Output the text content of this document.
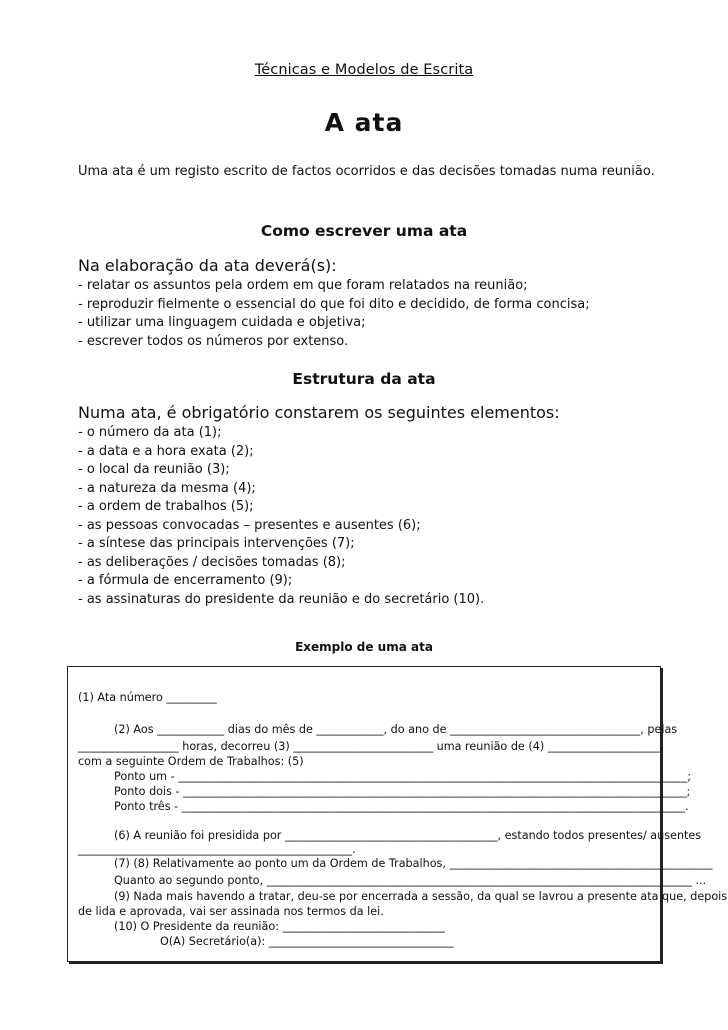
Técnicas e Modelos de Escrita
A ata
Uma ata é um registo escrito de factos ocorridos e das decisões tomadas numa reunião.
Como escrever uma ata
Na elaboração da ata deverá(s):
- relatar os assuntos pela ordem em que foram relatados na reunião;
- reproduzir fielmente o essencial do que foi dito e decidido, de forma concisa;
- utilizar uma linguagem cuidada e objetiva;
- escrever todos os números por extenso.
Estrutura da ata
Numa ata, é obrigatório constarem os seguintes elementos:
- o número da ata (1);
- a data e a hora exata (2);
- o local da reunião (3);
- a natureza da mesma (4);
- a ordem de trabalhos (5);
- as pessoas convocadas – presentes e ausentes (6);
- a síntese das principais intervenções (7);
- as deliberações / decisões tomadas (8);
- a fórmula de encerramento (9);
- as assinaturas do presidente da reunião e do secretário (10).
Exemplo de uma ata
(1) Ata número _________
(2) Aos ____________ dias do mês de ____________, do ano de __________________________________, pelas
__________________ horas, decorreu (3) _________________________ uma reunião de (4) ____________________,
com a seguinte Ordem de Trabalhos: (5)
Ponto um - ___________________________________________________________________________________________;
Ponto dois - __________________________________________________________________________________________;
Ponto três - __________________________________________________________________________________________.
(6) A reunião foi presidida por ______________________________________, estando todos presentes/ ausentes
_________________________________________________.
(7) (8) Relativamente ao ponto um da Ordem de Trabalhos, _______________________________________________
Quanto ao segundo ponto, ____________________________________________________________________________ ...
(9) Nada mais havendo a tratar, deu-se por encerrada a sessão, da qual se lavrou a presente ata que, depois
de lida e aprovada, vai ser assinada nos termos da lei.
(10) O Presidente da reunião: _____________________________
O(A) Secretário(a): _________________________________
